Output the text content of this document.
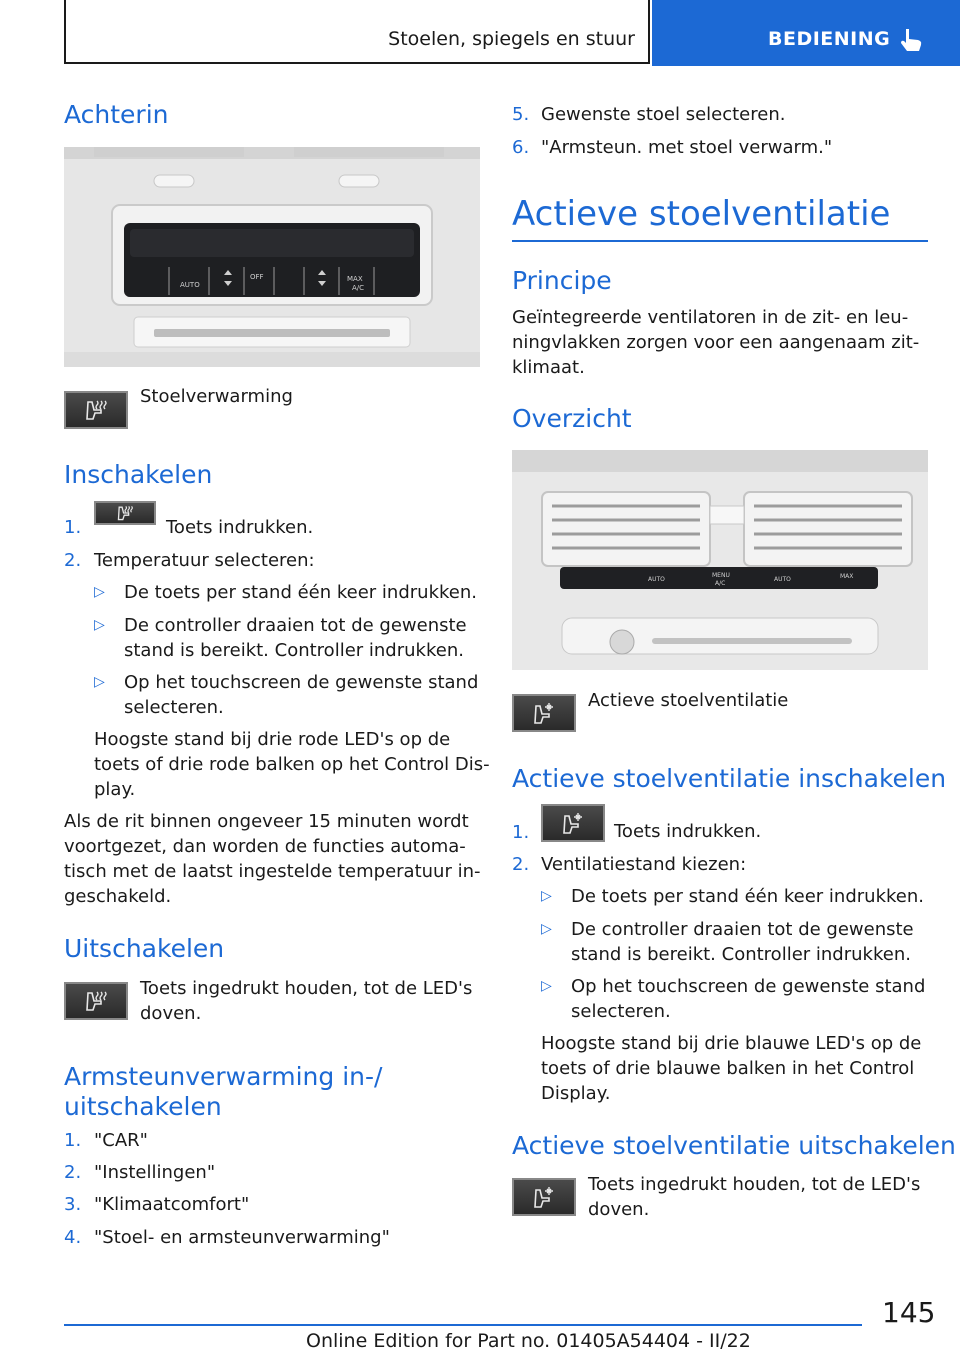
Stoelen, spiegels en stuur	BEDIENING
Achterin
AUTO
OFF	MAX
A/C
Stoelverwarming
Inschakelen
1.	Toets indrukken.
2. Temperatuur selecteren:
▷ De toets per stand één keer indrukken.
▷ De controller draaien tot de gewenste
stand is bereikt. Controller indrukken.
▷ Op het touchscreen de gewenste stand
selecteren.
Hoogste stand bij drie rode LED's op de
toets of drie rode balken op het Control Dis-
play.
Als de rit binnen ongeveer 15 minuten wordt
voortgezet, dan worden de functies automa-
tisch met de laatst ingestelde temperatuur in-
geschakeld.
Uitschakelen
Toets ingedrukt houden, tot de LED's
doven.
Armsteunverwarming in-/
uitschakelen
1. "CAR"
2. "Instellingen"
3. "Klimaatcomfort"
4. "Stoel- en armsteunverwarming"
5. Gewenste stoel selecteren.
6. "Armsteun. met stoel verwarm."
Actieve stoelventilatie
Principe
Geïntegreerde ventilatoren in de zit- en leu-
ningvlakken zorgen voor een aangenaam zit-
klimaat.
Overzicht
AUTO
MENU
A/C
AUTO	MAX
Actieve stoelventilatie
Actieve stoelventilatie inschakelen
1.	Toets indrukken.
2. Ventilatiestand kiezen:
▷ De toets per stand één keer indrukken.
▷ De controller draaien tot de gewenste
stand is bereikt. Controller indrukken.
▷ Op het touchscreen de gewenste stand
selecteren.
Hoogste stand bij drie blauwe LED's op de
toets of drie blauwe balken in het Control
Display.
Actieve stoelventilatie uitschakelen
Toets ingedrukt houden, tot de LED's
doven.
145
Online Edition for Part no. 01405A54404 - II/22
